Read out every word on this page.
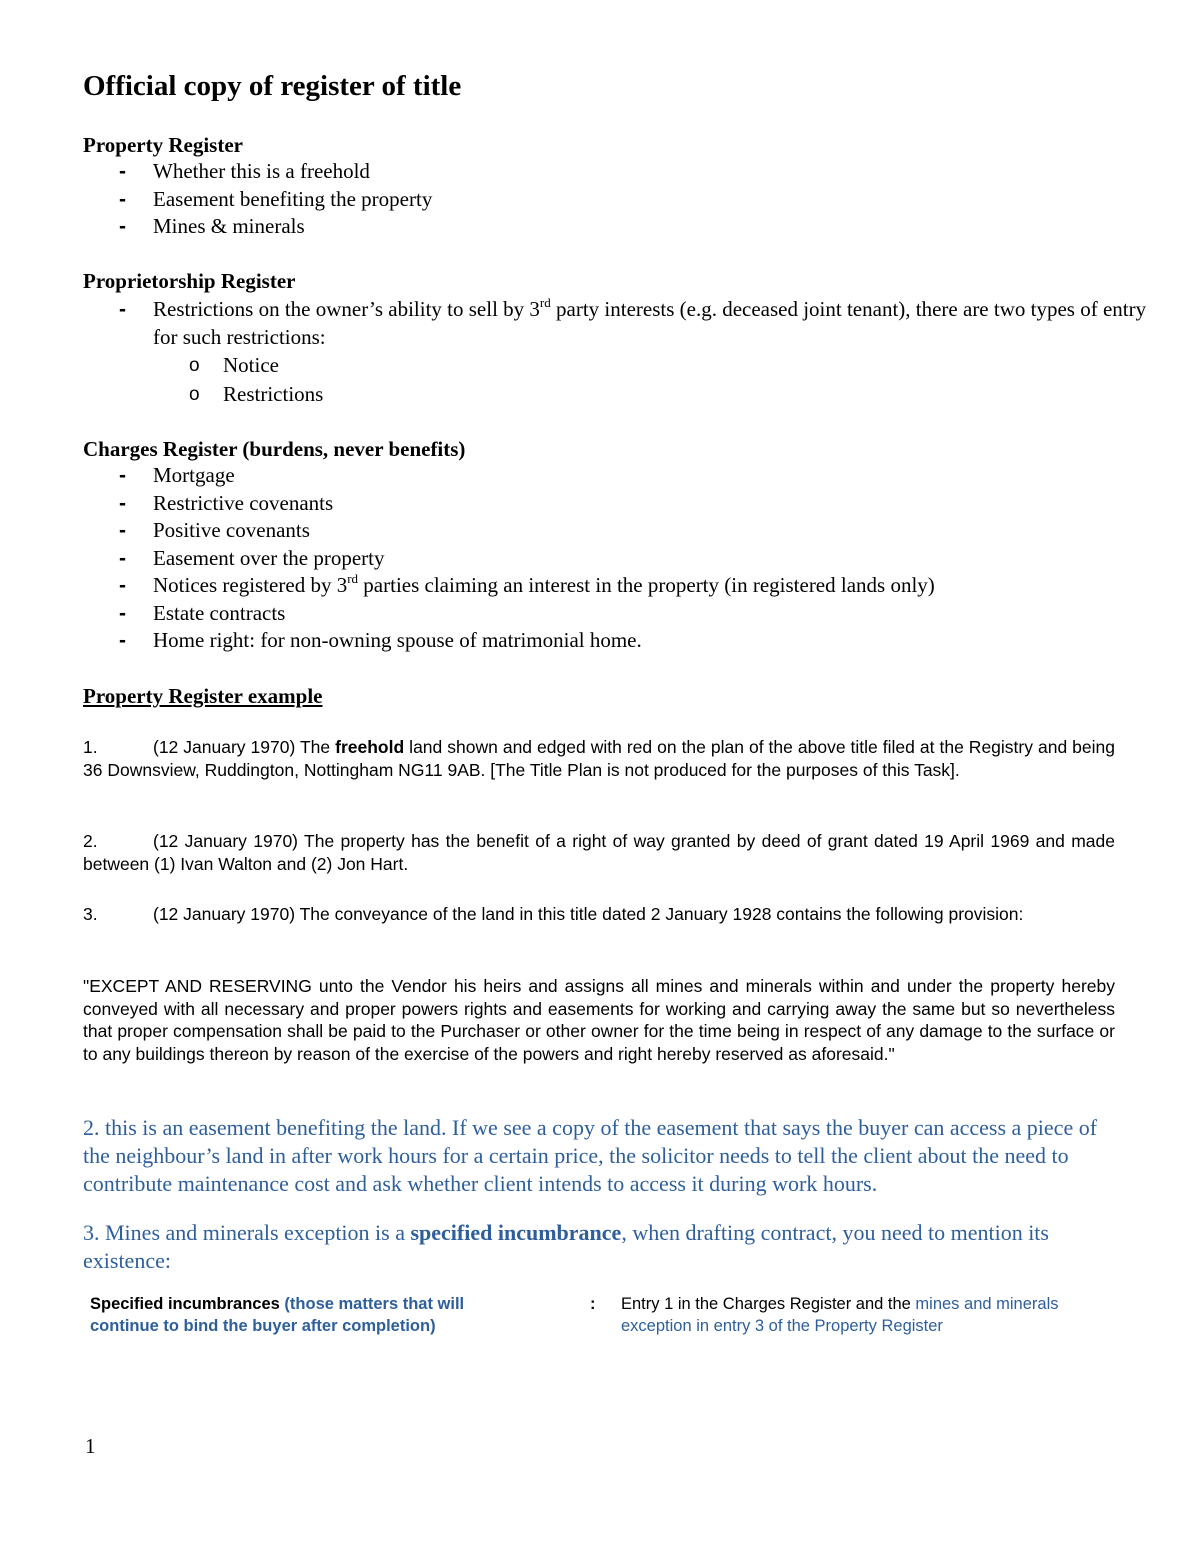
Official copy of register of title

Property Register

- Whether this is a freehold
- Easement benefiting the property
- Mines & minerals

Proprietorship Register

- Restrictions on the owner’s ability to sell by 3rd party interests (e.g. deceased joint tenant), there are two types of entry for such restrictions:
o Notice
o Restrictions

Charges Register (burdens, never benefits)

- Mortgage
- Restrictive covenants
- Positive covenants
- Easement over the property
- Notices registered by 3rd parties claiming an interest in the property (in registered lands only)
- Estate contracts
- Home right: for non-owning spouse of matrimonial home.

Property Register example

1.	(12 January 1970) The freehold land shown and edged with red on the plan of the above title filed at the Registry and being 36 Downsview, Ruddington, Nottingham NG11 9AB. [The Title Plan is not produced for the purposes of this Task].

2.	(12 January 1970) The property has the benefit of a right of way granted by deed of grant dated 19 April 1969 and made between (1) Ivan Walton and (2) Jon Hart.

3.	(12 January 1970) The conveyance of the land in this title dated 2 January 1928 contains the following provision:

"EXCEPT AND RESERVING unto the Vendor his heirs and assigns all mines and minerals within and under the property hereby conveyed with all necessary and proper powers rights and easements for working and carrying away the same but so nevertheless that proper compensation shall be paid to the Purchaser or other owner for the time being in respect of any damage to the surface or to any buildings thereon by reason of the exercise of the powers and right hereby reserved as aforesaid."

2. this is an easement benefiting the land. If we see a copy of the easement that says the buyer can access a piece of the neighbour’s land in after work hours for a certain price, the solicitor needs to tell the client about the need to contribute maintenance cost and ask whether client intends to access it during work hours.

3. Mines and minerals exception is a specified incumbrance, when drafting contract, you need to mention its existence:

Specified incumbrances (those matters that will continue to bind the buyer after completion)
: Entry 1 in the Charges Register and the mines and minerals exception in entry 3 of the Property Register
1
